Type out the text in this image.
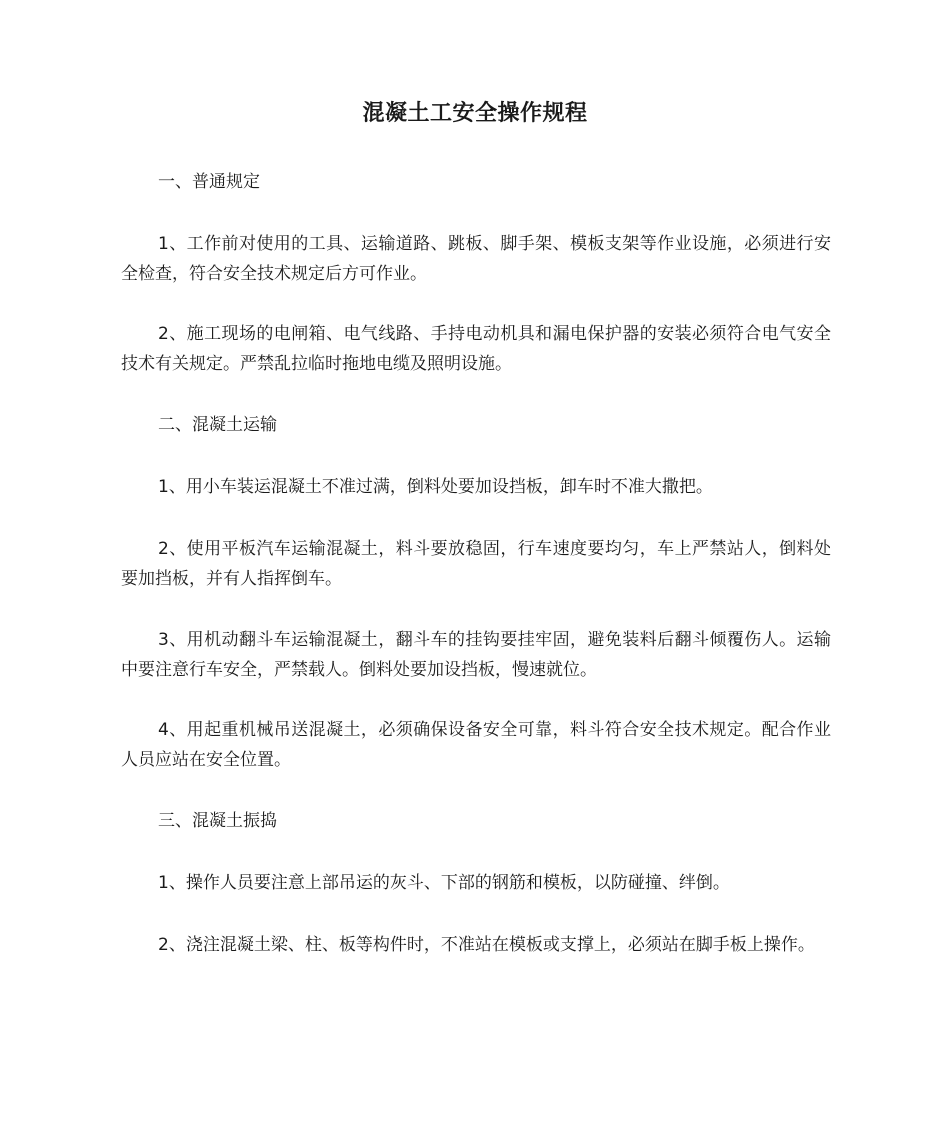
混凝土工安全操作规程

一、普通规定

1、工作前对使用的工具、运输道路、跳板、脚手架、模板支架等作业设施，必须进行安全检查，符合安全技术规定后方可作业。

2、施工现场的电闸箱、电气线路、手持电动机具和漏电保护器的安装必须符合电气安全技术有关规定。严禁乱拉临时拖地电缆及照明设施。

二、混凝土运输

1、用小车装运混凝土不准过满，倒料处要加设挡板，卸车时不准大撒把。

2、使用平板汽车运输混凝土，料斗要放稳固，行车速度要均匀，车上严禁站人，倒料处要加挡板，并有人指挥倒车。

3、用机动翻斗车运输混凝土，翻斗车的挂钩要挂牢固，避免装料后翻斗倾覆伤人。运输中要注意行车安全，严禁载人。倒料处要加设挡板，慢速就位。

4、用起重机械吊送混凝土，必须确保设备安全可靠，料斗符合安全技术规定。配合作业人员应站在安全位置。

三、混凝土振捣

1、操作人员要注意上部吊运的灰斗、下部的钢筋和模板，以防碰撞、绊倒。

2、浇注混凝土梁、柱、板等构件时，不准站在模板或支撑上，必须站在脚手板上操作。
